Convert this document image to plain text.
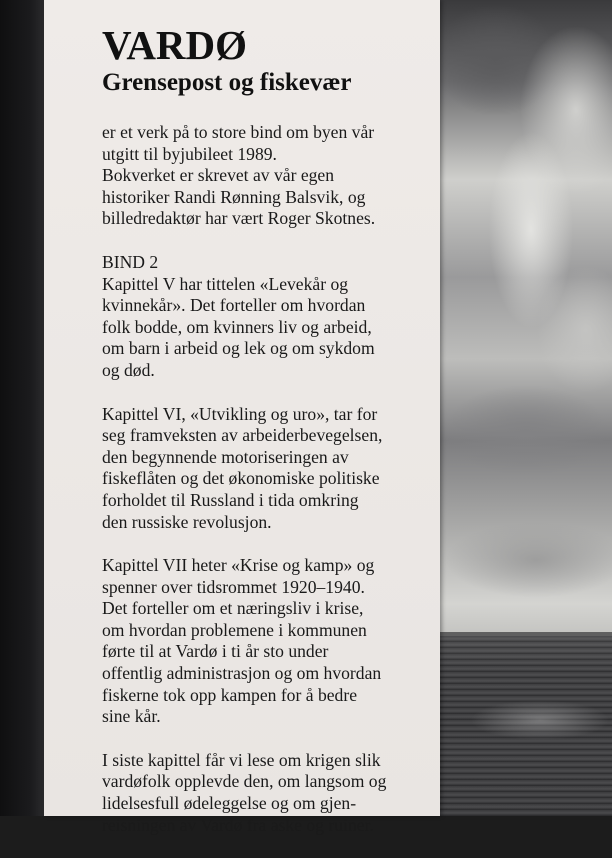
VARDØ
Grensepost og fiskevær

er et verk på to store bind om byen vår
utgitt til byjubileet 1989.
Bokverket er skrevet av vår egen
historiker Randi Rønning Balsvik, og
billedredaktør har vært Roger Skotnes.

BIND 2
Kapittel V har tittelen «Levekår og
kvinnekår». Det forteller om hvordan
folk bodde, om kvinners liv og arbeid,
om barn i arbeid og lek og om sykdom
og død.

Kapittel VI, «Utvikling og uro», tar for
seg framveksten av arbeiderbevegelsen,
den begynnende motoriseringen av
fiskeflåten og det økonomiske politiske
forholdet til Russland i tida omkring
den russiske revolusjon.

Kapittel VII heter «Krise og kamp» og
spenner over tidsrommet 1920–1940.
Det forteller om et næringsliv i krise,
om hvordan problemene i kommunen
førte til at Vardø i ti år sto under
offentlig administrasjon og om hvordan
fiskerne tok opp kampen for å bedre
sine kår.

I siste kapittel får vi lese om krigen slik
vardøfolk opplevde den, om langsom og
lidelsesfull ødeleggelse og om gjen-
reisningen av Vardø fra aske og ruiner.
